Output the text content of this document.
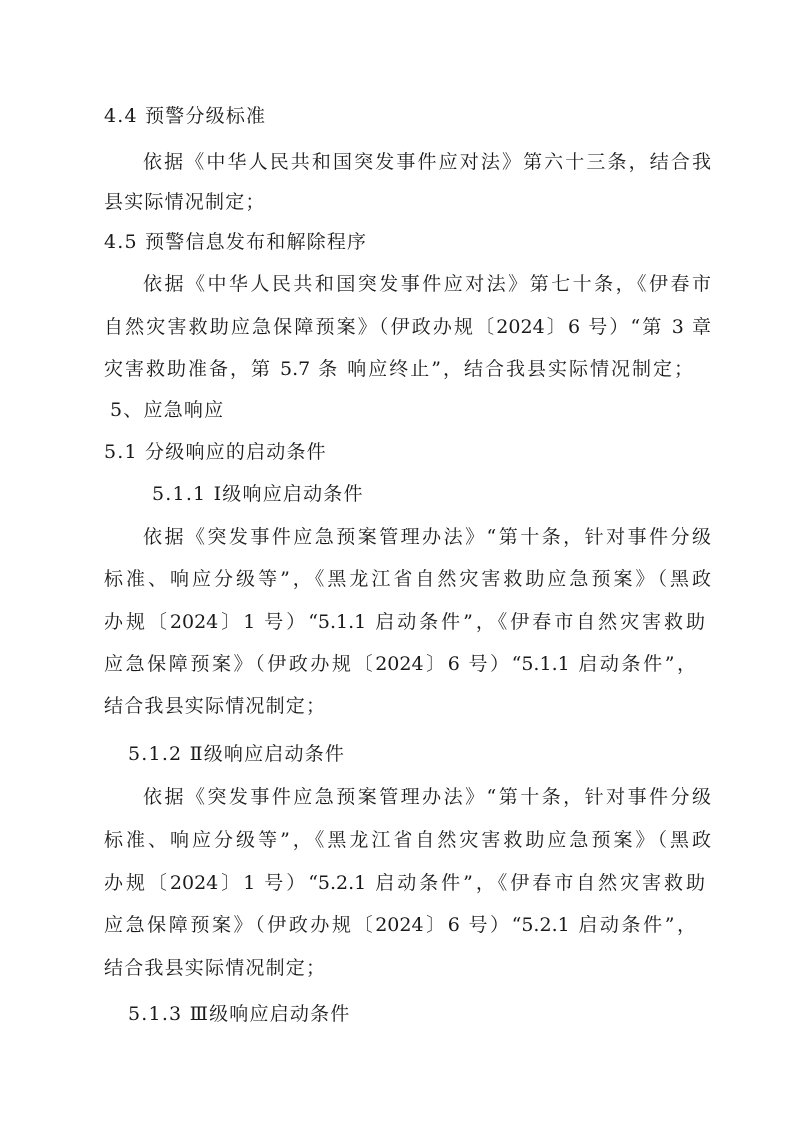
4.4 预警分级标准
依据《中华人民共和国突发事件应对法》第六十三条，结合我
县实际情况制定；
4.5 预警信息发布和解除程序
依据《中华人民共和国突发事件应对法》第七十条，《伊春市
自然灾害救助应急保障预案》（伊政办规〔2024〕6 号）“第 3 章
灾害救助准备，第 5.7 条 响应终止”，结合我县实际情况制定；
5、应急响应
5.1 分级响应的启动条件
5.1.1 Ⅰ级响应启动条件
依据《突发事件应急预案管理办法》“第十条，针对事件分级
标准、响应分级等”，《黑龙江省自然灾害救助应急预案》（黑政
办规〔2024〕1 号）“5.1.1 启动条件”，《伊春市自然灾害救助
应急保障预案》（伊政办规〔2024〕6 号）“5.1.1 启动条件”，
结合我县实际情况制定；
5.1.2 Ⅱ级响应启动条件
依据《突发事件应急预案管理办法》“第十条，针对事件分级
标准、响应分级等”，《黑龙江省自然灾害救助应急预案》（黑政
办规〔2024〕1 号）“5.2.1 启动条件”，《伊春市自然灾害救助
应急保障预案》（伊政办规〔2024〕6 号）“5.2.1 启动条件”，
结合我县实际情况制定；
5.1.3 Ⅲ级响应启动条件
